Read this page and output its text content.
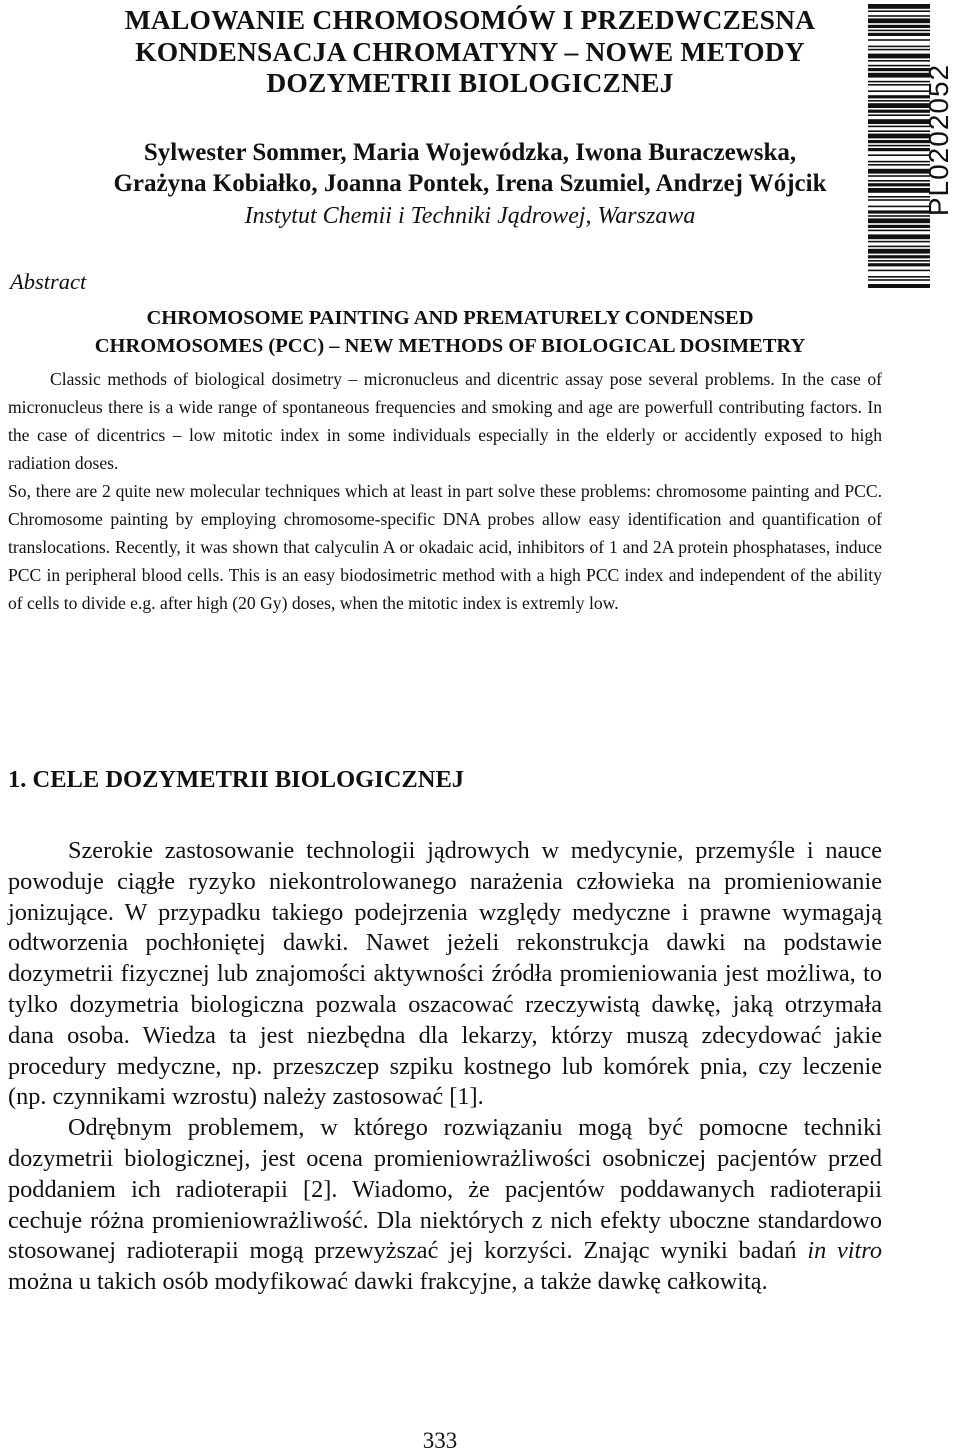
MALOWANIE CHROMOSOMÓW I PRZEDWCZESNA
KONDENSACJA CHROMATYNY – NOWE METODY
DOZYMETRII BIOLOGICZNEJ
Sylwester Sommer, Maria Wojewódzka, Iwona Buraczewska,
Grażyna Kobiałko, Joanna Pontek, Irena Szumiel, Andrzej Wójcik
Instytut Chemii i Techniki Jądrowej, Warszawa	PL0202052
Abstract
CHROMOSOME PAINTING AND PREMATURELY CONDENSED
CHROMOSOMES (PCC) – NEW METHODS OF BIOLOGICAL DOSIMETRY

Classic methods of biological dosimetry – micronucleus and dicentric assay pose several problems. In the case of micronucleus there is a wide range of spontaneous frequencies and smoking and age are powerfull contributing factors. In the case of dicentrics – low mitotic index in some individuals especially in the elderly or accidently exposed to high radiation doses.

So, there are 2 quite new molecular techniques which at least in part solve these problems: chromosome painting and PCC. Chromosome painting by employing chromosome-specific DNA probes allow easy identification and quantification of translocations. Recently, it was shown that calyculin A or okadaic acid, inhibitors of 1 and 2A protein phosphatases, induce PCC in peripheral blood cells. This is an easy biodosimetric method with a high PCC index and independent of the ability of cells to divide e.g. after high (20 Gy) doses, when the mitotic index is extremly low.

1. CELE DOZYMETRII BIOLOGICZNEJ

Szerokie zastosowanie technologii jądrowych w medycynie, przemyśle i nauce powoduje ciągłe ryzyko niekontrolowanego narażenia człowieka na promieniowanie jonizujące. W przypadku takiego podejrzenia względy medyczne i prawne wymagają odtworzenia pochłoniętej dawki. Nawet jeżeli rekonstrukcja dawki na podstawie dozymetrii fizycznej lub znajomości aktywności źródła promieniowania jest możliwa, to tylko dozymetria biologiczna pozwala oszacować rzeczywistą dawkę, jaką otrzymała dana osoba. Wiedza ta jest niezbędna dla lekarzy, którzy muszą zdecydować jakie procedury medyczne, np. przeszczep szpiku kostnego lub komórek pnia, czy leczenie (np. czynnikami wzrostu) należy zastosować [1].

Odrębnym problemem, w którego rozwiązaniu mogą być pomocne techniki dozymetrii biologicznej, jest ocena promieniowrażliwości osobniczej pacjentów przed poddaniem ich radioterapii [2]. Wiadomo, że pacjentów poddawanych radioterapii cechuje różna promieniowrażliwość. Dla niektórych z nich efekty uboczne standardowo stosowanej radioterapii mogą przewyższać jej korzyści. Znając wyniki badań in vitro można u takich osób modyfikować dawki frakcyjne, a także dawkę całkowitą.

333
